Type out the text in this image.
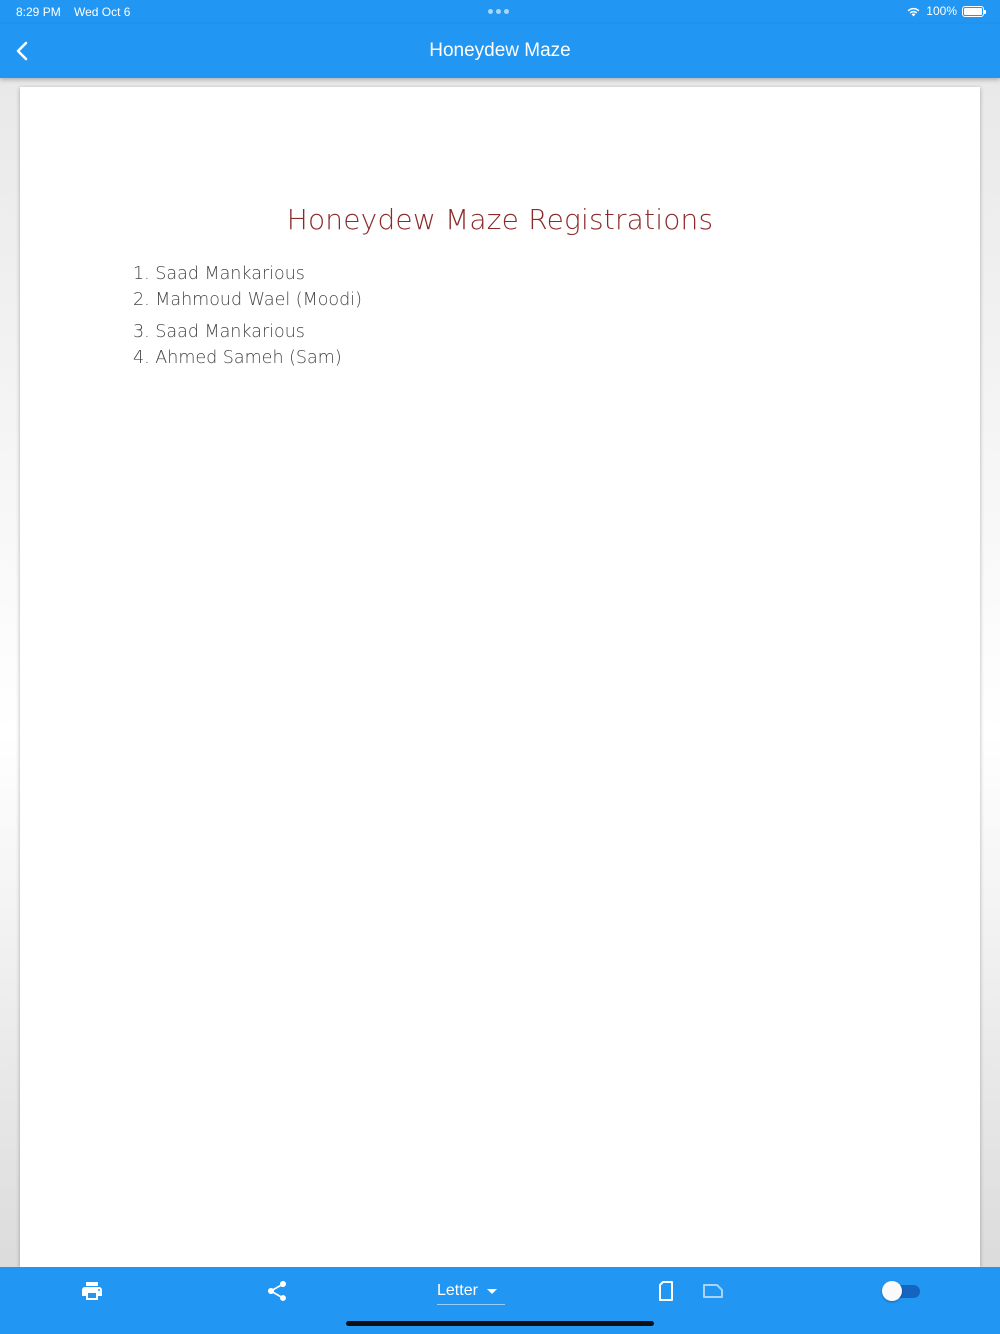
8:29 PM Wed Oct 6	100%
Honeydew Maze
Honeydew Maze Registrations
1. Saad Mankarious
2. Mahmoud Wael (Moodi)
3. Saad Mankarious
4. Ahmed Sameh (Sam)
Letter
